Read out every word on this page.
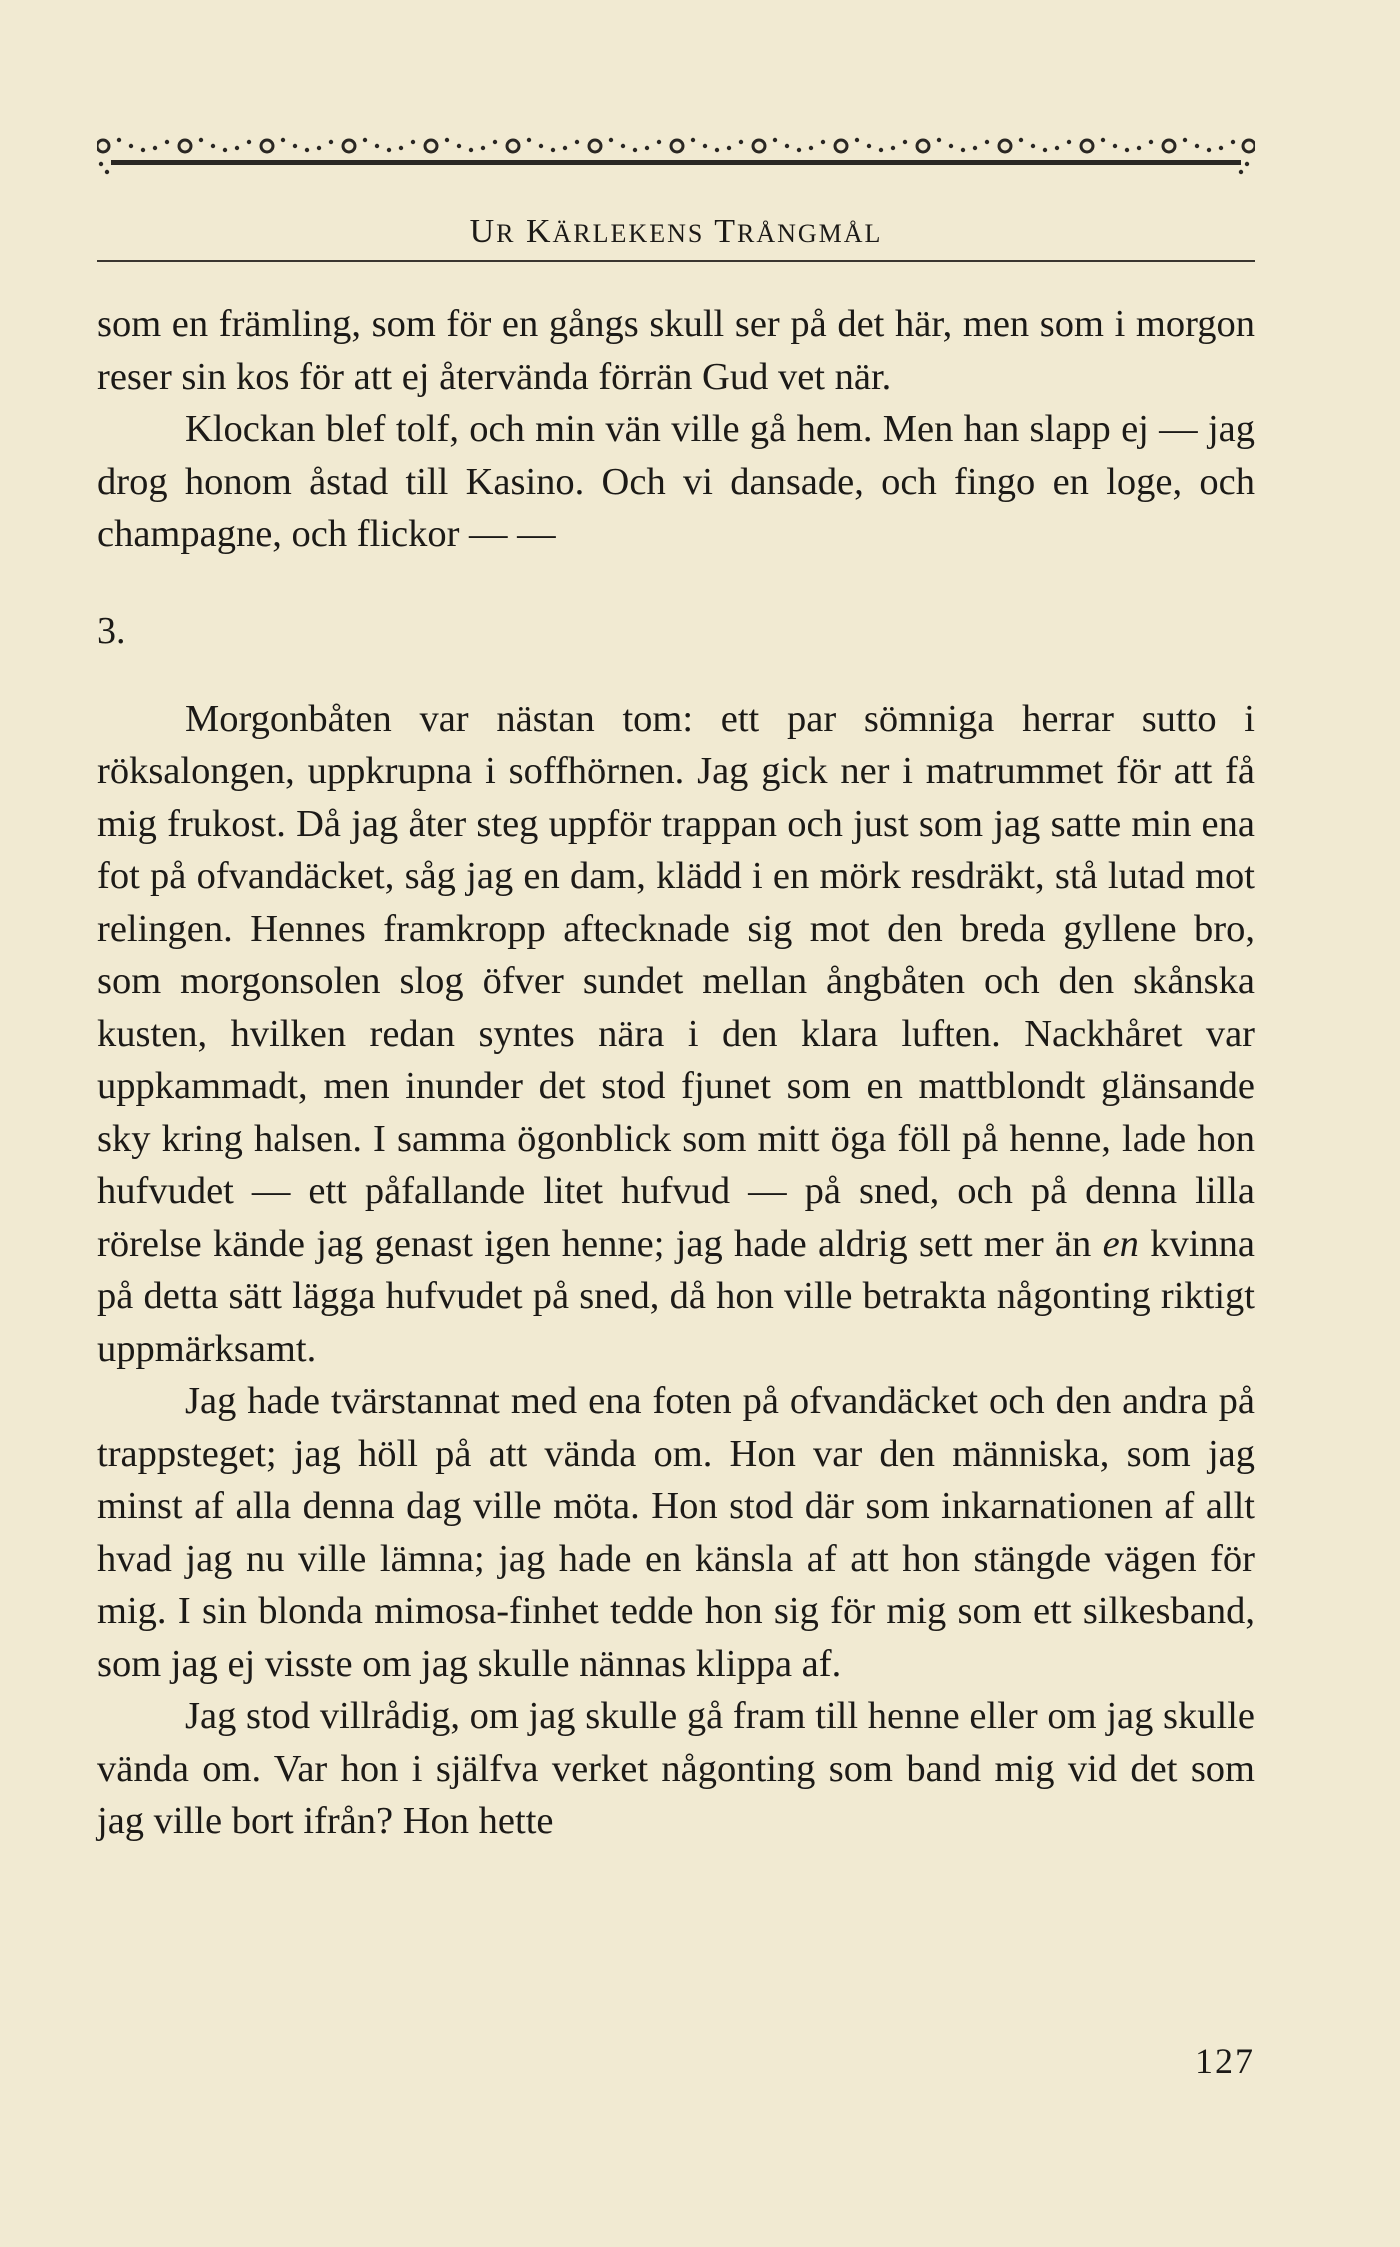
UR KÄRLEKENS TRÅNGMÅL

som en främling, som för en gångs skull ser på det här, men som i morgon reser sin kos för att ej återvända förrän Gud vet när.

Klockan blef tolf, och min vän ville gå hem. Men han slapp ej — jag drog honom åstad till Kasino. Och vi dansade, och fingo en loge, och champagne, och flickor — —

3.

Morgonbåten var nästan tom: ett par sömniga herrar sutto i röksalongen, uppkrupna i soffhörnen. Jag gick ner i matrummet för att få mig frukost. Då jag åter steg uppför trappan och just som jag satte min ena fot på ofvandäcket, såg jag en dam, klädd i en mörk resdräkt, stå lutad mot relingen. Hennes framkropp aftecknade sig mot den breda gyllene bro, som morgonsolen slog öfver sundet mellan ångbåten och den skånska kusten, hvilken redan syntes nära i den klara luften. Nackhåret var uppkammadt, men inunder det stod fjunet som en mattblondt glänsande sky kring halsen. I samma ögonblick som mitt öga föll på henne, lade hon hufvudet — ett påfallande litet hufvud — på sned, och på denna lilla rörelse kände jag genast igen henne; jag hade aldrig sett mer än en kvinna på detta sätt lägga hufvudet på sned, då hon ville betrakta någonting riktigt uppmärksamt.

Jag hade tvärstannat med ena foten på ofvandäcket och den andra på trappsteget; jag höll på att vända om. Hon var den människa, som jag minst af alla denna dag ville möta. Hon stod där som inkarnationen af allt hvad jag nu ville lämna; jag hade en känsla af att hon stängde vägen för mig. I sin blonda mimosa-finhet tedde hon sig för mig som ett silkesband, som jag ej visste om jag skulle nännas klippa af.

Jag stod villrådig, om jag skulle gå fram till henne eller om jag skulle vända om. Var hon i själfva verket någonting som band mig vid det som jag ville bort ifrån? Hon hette

127
